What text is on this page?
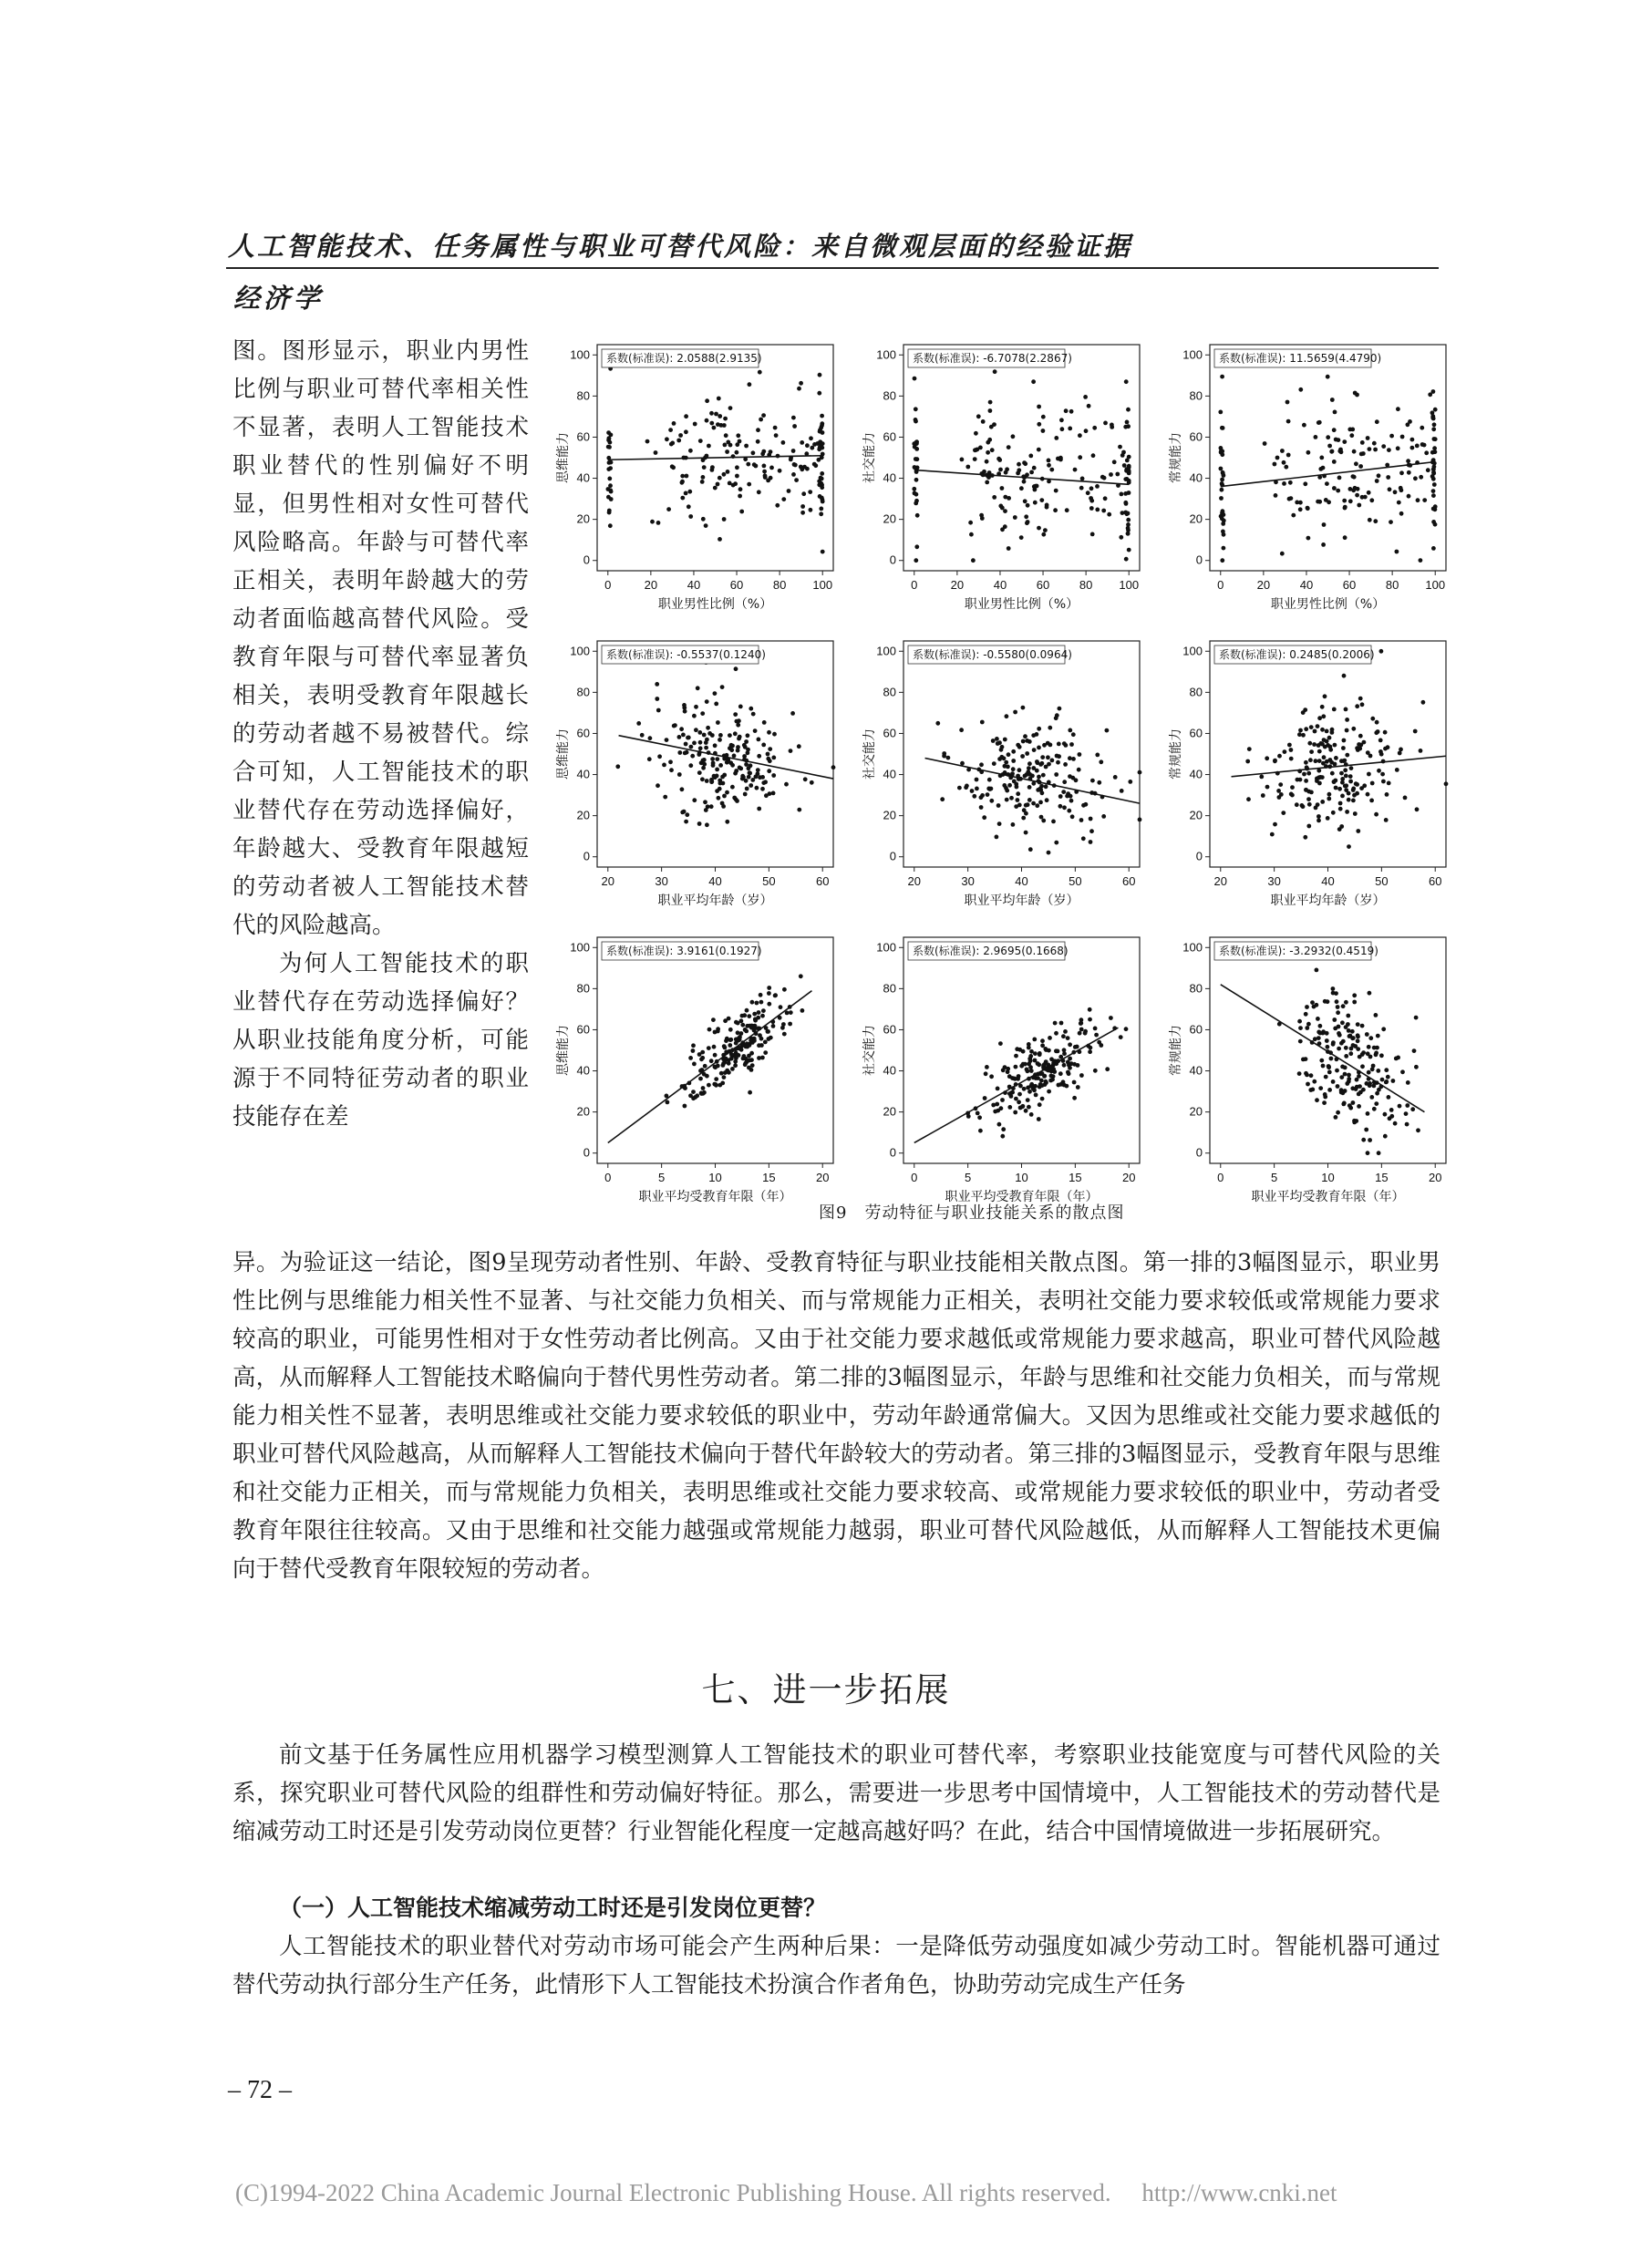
人工智能技术、任务属性与职业可替代风险：来自微观层面的经验证据
经济学

图。图形显示，职业内男性比例与职业可替代率相关性不显著，表明人工智能技术职业替代的性别偏好不明显，但男性相对女性可替代风险略高。年龄与可替代率正相关，表明年龄越大的劳动者面临越高替代风险。受教育年限与可替代率显著负相关，表明受教育年限越长的劳动者越不易被替代。综合可知，人工智能技术的职业替代存在劳动选择偏好，年龄越大、受教育年限越短的劳动者被人工智能技术替代的风险越高。

为何人工智能技术的职业替代存在劳动选择偏好？从职业技能角度分析，可能源于不同特征劳动者的职业技能存在差

0
20
40
60
80
100
0	20	40	60	80 100
职业男性比例（%）
思维能力
系数(标准误): 2.0588(2.9135)
0
20
40
60
80
100
0	20	40	60	80 100
职业男性比例（%）
社交能力
系数(标准误): -6.7078(2.2867)
0
20
40
60
80
100
0	20	40	60	80 100
职业男性比例（%）
常规能力
系数(标准误): 11.5659(4.4790)
0
20
40
60
80
100
20	30	40	50	60
职业平均年龄（岁）
思维能力
系数(标准误): -0.5537(0.1240)
0
20
40
60
80
100
20	30	40	50	60
职业平均年龄（岁）
社交能力
系数(标准误): -0.5580(0.0964)
0
20
40
60
80
100
20	30	40	50	60
职业平均年龄（岁）
常规能力
系数(标准误): 0.2485(0.2006)
0
20
40
60
80
100
0	5	10	15	20
职业平均受教育年限（年）
思维能力
系数(标准误): 3.9161(0.1927)
0
20
40
60
80
100
0	5	10	15	20
职业平均受教育年限（年）
社交能力
系数(标准误): 2.9695(0.1668)
0
20
40
60
80
100
0	5	10	15	20
职业平均受教育年限（年）
常规能力
系数(标准误): -3.2932(0.4519)
图9　劳动特征与职业技能关系的散点图

异。为验证这一结论，图9呈现劳动者性别、年龄、受教育特征与职业技能相关散点图。第一排的3幅图显示，职业男性比例与思维能力相关性不显著、与社交能力负相关、而与常规能力正相关，表明社交能力要求较低或常规能力要求较高的职业，可能男性相对于女性劳动者比例高。又由于社交能力要求越低或常规能力要求越高，职业可替代风险越高，从而解释人工智能技术略偏向于替代男性劳动者。第二排的3幅图显示，年龄与思维和社交能力负相关，而与常规能力相关性不显著，表明思维或社交能力要求较低的职业中，劳动年龄通常偏大。又因为思维或社交能力要求越低的职业可替代风险越高，从而解释人工智能技术偏向于替代年龄较大的劳动者。第三排的3幅图显示，受教育年限与思维和社交能力正相关，而与常规能力负相关，表明思维或社交能力要求较高、或常规能力要求较低的职业中，劳动者受教育年限往往较高。又由于思维和社交能力越强或常规能力越弱，职业可替代风险越低，从而解释人工智能技术更偏向于替代受教育年限较短的劳动者。

七、进一步拓展

前文基于任务属性应用机器学习模型测算人工智能技术的职业可替代率，考察职业技能宽度与可替代风险的关系，探究职业可替代风险的组群性和劳动偏好特征。那么，需要进一步思考中国情境中，人工智能技术的劳动替代是缩减劳动工时还是引发劳动岗位更替？行业智能化程度一定越高越好吗？在此，结合中国情境做进一步拓展研究。

（一）人工智能技术缩减劳动工时还是引发岗位更替？

人工智能技术的职业替代对劳动市场可能会产生两种后果：一是降低劳动强度如减少劳动工时。智能机器可通过替代劳动执行部分生产任务，此情形下人工智能技术扮演合作者角色，协助劳动完成生产任务

– 72 –
(C)1994-2022 China Academic Journal Electronic Publishing House. All rights reserved.　 http://www.cnki.net
